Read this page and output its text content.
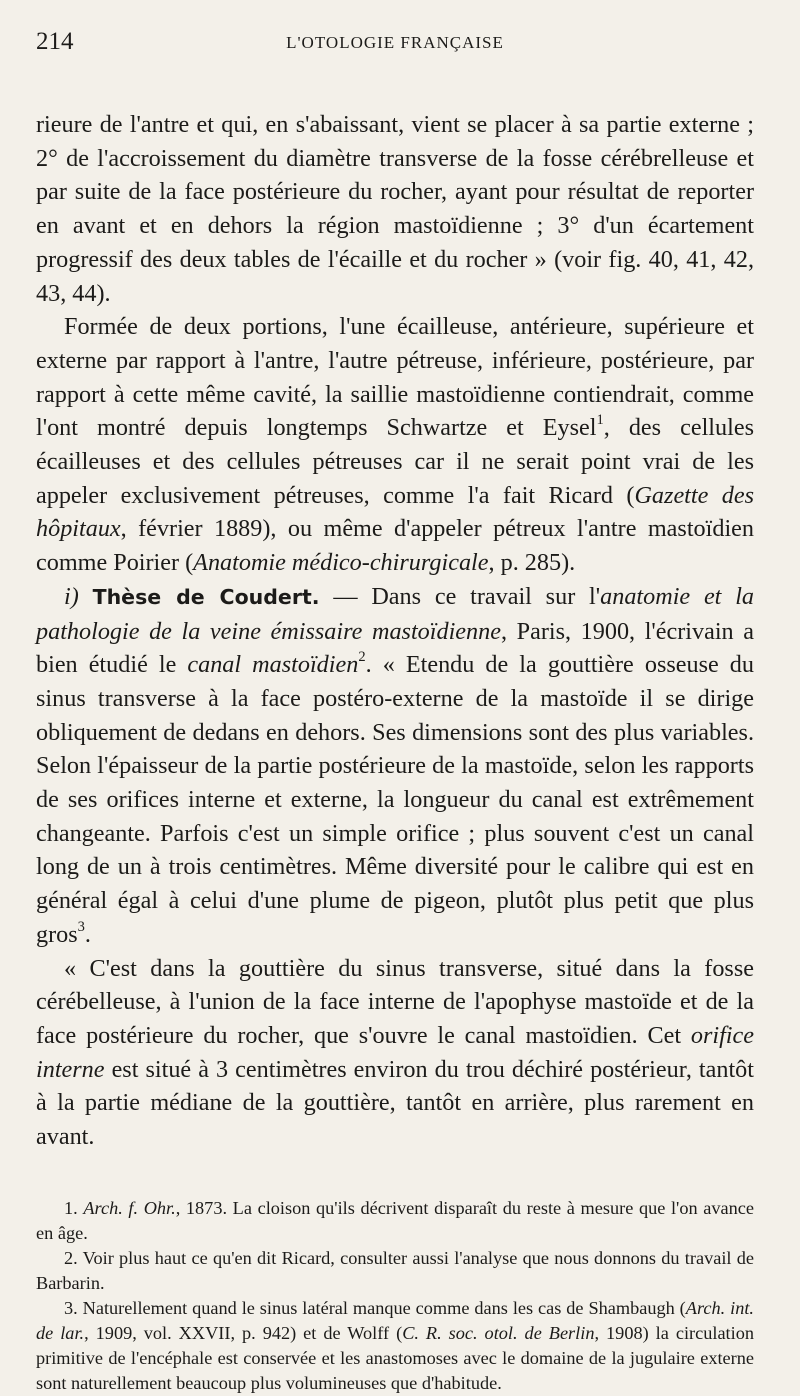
214	L'OTOLOGIE FRANÇAISE

rieure de l'antre et qui, en s'abaissant, vient se placer à sa partie externe ; 2° de l'accroissement du diamètre transverse de la fosse cérébrelleuse et par suite de la face postérieure du rocher, ayant pour résultat de reporter en avant et en dehors la région mastoïdienne ; 3° d'un écartement progressif des deux tables de l'écaille et du rocher » (voir fig. 40, 41, 42, 43, 44).

Formée de deux portions, l'une écailleuse, antérieure, supérieure et externe par rapport à l'antre, l'autre pétreuse, inférieure, postérieure, par rapport à cette même cavité, la saillie mastoïdienne contiendrait, comme l'ont montré depuis longtemps Schwartze et Eysel$^1$, des cellules écailleuses et des cellules pétreuses car il ne serait point vrai de les appeler exclusivement pétreuses, comme l'a fait Ricard (Gazette des hôpitaux, février 1889), ou même d'appeler pétreux l'antre mastoïdien comme Poirier (Anatomie médico-chirurgicale, p. 285).

i) Thèse de Coudert. — Dans ce travail sur l'anatomie et la pathologie de la veine émissaire mastoïdienne, Paris, 1900, l'écrivain a bien étudié le canal mastoïdien$^2$. « Etendu de la gouttière osseuse du sinus transverse à la face postéro-externe de la mastoïde il se dirige obliquement de dedans en dehors. Ses dimensions sont des plus variables. Selon l'épaisseur de la partie postérieure de la mastoïde, selon les rapports de ses orifices interne et externe, la longueur du canal est extrêmement changeante. Parfois c'est un simple orifice ; plus souvent c'est un canal long de un à trois centimètres. Même diversité pour le calibre qui est en général égal à celui d'une plume de pigeon, plutôt plus petit que plus gros$^3$.

« C'est dans la gouttière du sinus transverse, situé dans la fosse cérébelleuse, à l'union de la face interne de l'apophyse mastoïde et de la face postérieure du rocher, que s'ouvre le canal mastoïdien. Cet orifice interne est situé à 3 centimètres environ du trou déchiré postérieur, tantôt à la partie médiane de la gouttière, tantôt en arrière, plus rarement en avant.

1. Arch. f. Ohr., 1873. La cloison qu'ils décrivent disparaît du reste à mesure que l'on avance en âge.

2. Voir plus haut ce qu'en dit Ricard, consulter aussi l'analyse que nous donnons du travail de Barbarin.

3. Naturellement quand le sinus latéral manque comme dans les cas de Shambaugh (Arch. int. de lar., 1909, vol. XXVII, p. 942) et de Wolff (C. R. soc. otol. de Berlin, 1908) la circulation primitive de l'encéphale est conservée et les anastomoses avec le domaine de la jugulaire externe sont naturellement beaucoup plus volumineuses que d'habitude.
